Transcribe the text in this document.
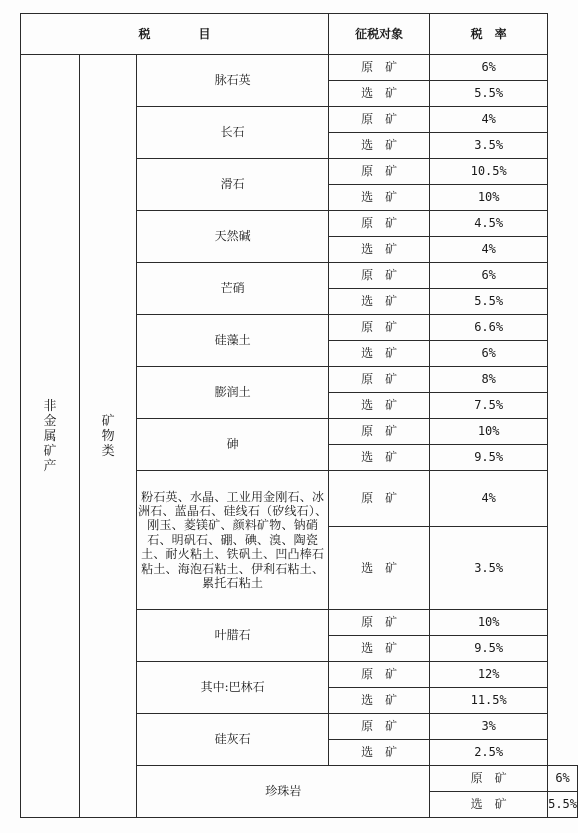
税　　　　目			征税对象	税　率	
非金属矿产	矿物类	脉石英	原　矿	6%	
			选　矿	5.5%	
		长石	原　矿	4%	
			选　矿	3.5%	
		滑石	原　矿	10.5%	
			选　矿	10%	
		天然碱	原　矿	4.5%	
			选　矿	4%	
		芒硝	原　矿	6%	
			选　矿	5.5%	
		硅藻土	原　矿	6.6%	
			选　矿	6%	
		膨润土	原　矿	8%	
			选　矿	7.5%	
		砷	原　矿	10%	
			选　矿	9.5%	
		粉石英、水晶、工业用金刚石、冰洲石、蓝晶石、硅线石（矽线石）、刚玉、菱镁矿、颜料矿物、钠硝石、明矾石、硼、碘、溴、陶瓷土、耐火粘土、铁矾土、凹凸棒石粘土、海泡石粘土、伊利石粘土、累托石粘土	原　矿	4%	
			选　矿	3.5%	
		叶腊石	原　矿	10%	
			选　矿	9.5%	
		其中:巴林石	原　矿	12%	
			选　矿	11.5%	
		硅灰石	原　矿	3%	
			选　矿	2.5%	
		珍珠岩		原　矿	6%
				选　矿	5.5%
